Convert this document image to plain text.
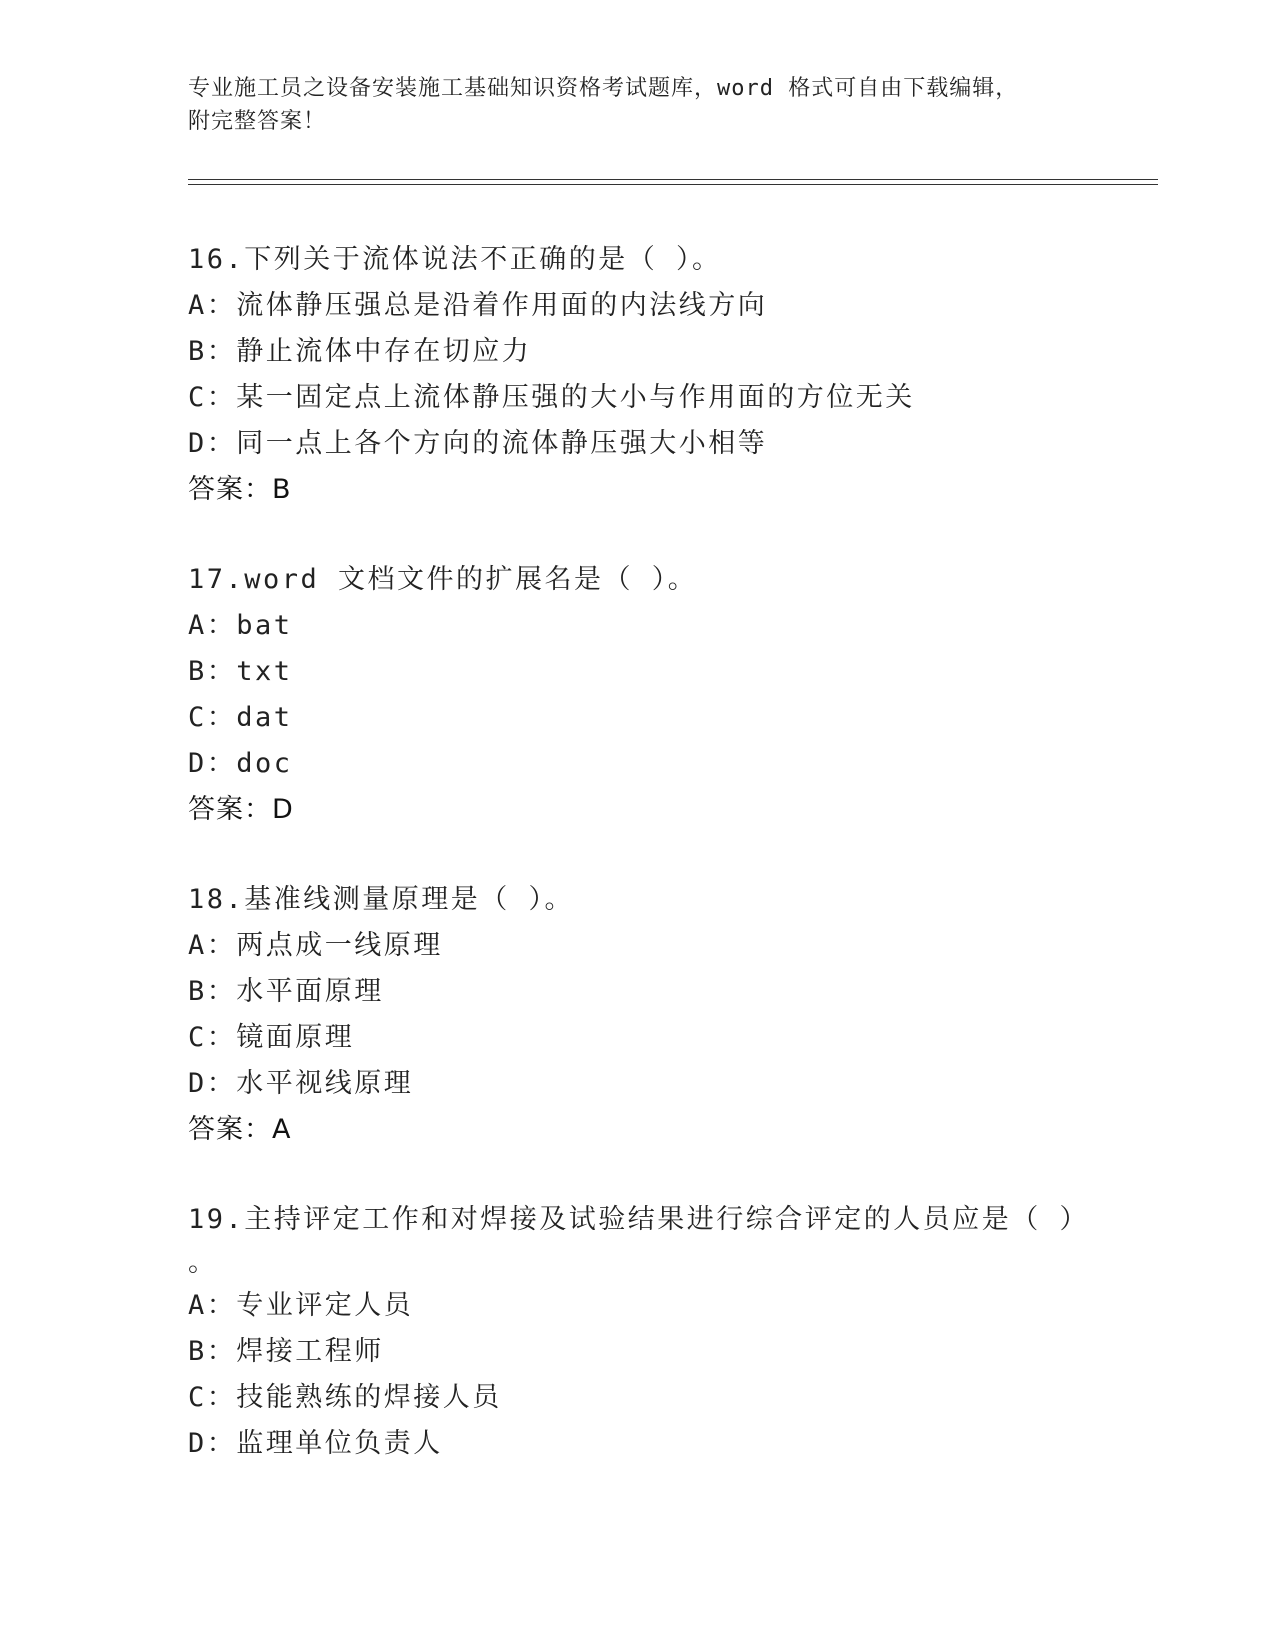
专业施工员之设备安装施工基础知识资格考试题库，word 格式可自由下载编辑，
附完整答案！
16.下列关于流体说法不正确的是（ ）。
A：流体静压强总是沿着作用面的内法线方向
B：静止流体中存在切应力
C：某一固定点上流体静压强的大小与作用面的方位无关
D：同一点上各个方向的流体静压强大小相等
答案：B
17.word 文档文件的扩展名是（ ）。
A：bat
B：txt
C：dat
D：doc
答案：D
18.基准线测量原理是（ ）。
A：两点成一线原理
B：水平面原理
C：镜面原理
D：水平视线原理
答案：A
19.主持评定工作和对焊接及试验结果进行综合评定的人员应是（ ）
。
A：专业评定人员
B：焊接工程师
C：技能熟练的焊接人员
D：监理单位负责人
